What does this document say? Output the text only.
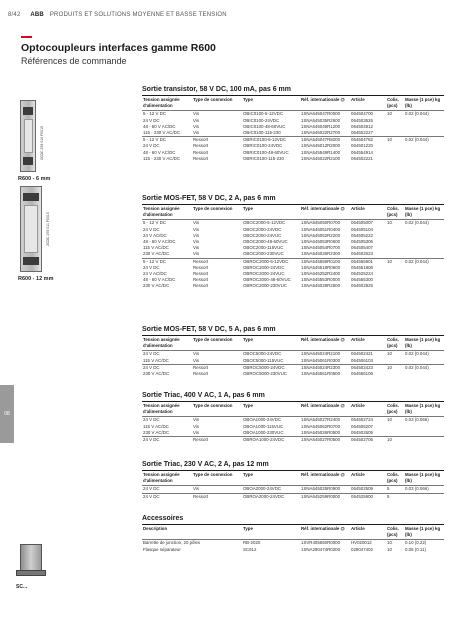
8/42 ABB PRODUITS ET SOLUTIONS MOYENNE ET BASSE TENSION
Optocoupleurs interfaces gamme R600
Références de commande
08
2CDC 293 010 F0015
R600 - 6 mm
2CDC 293 011 F0015
R600 - 12 mm
SC...
Sortie transistor, 58 V DC, 100 mA, pas 6 mm
Tension assignée d'alimentation	Type de connexion	Type	Réf. internationale @	Article	Colis. (pcs)	Masse (1 pce) kg (lb)
5 - 12 V DC	Vis	OBIC0100-5-12VDC	1SNA645047R0000	064504700	10	0.02 (0.044)
24 V DC	Vis	OBIC0100-24VDC	1SNA645035R2600	064503526		
48 - 60 V AC/DC	Vis	OBIC0100-48-60VUC	1SNA645049R1200	064504912		
115 - 230 V AC/DC	Vis	OBIC0100-115-230	1SNA645022R2700	064502227		
5 - 12 V DC	Ressort	OBRIC0100-5-12VDC	1SNA645047R8200	064504782	10	0.02 (0.044)
24 V DC	Ressort	OBRIC0100-24VDC	1SNA645012R2000	064501220		
48 - 60 V AC/DC	Ressort	OBRIC0100-48-60VUC	1SNA645549R1400	064554914		
115 - 230 V AC/DC	Ressort	OBRIC0100-115-230	1SNA645022R2100	064502221		
Sortie MOS-FET, 58 V DC, 2 A, pas 6 mm
Tension assignée d'alimentation	Type de connexion	Type	Réf. internationale @	Article	Colis. (pcs)	Masse (1 pce) kg (lb)
5 - 12 V DC	Vis	OBOC2000-5-12VDC	1SNA645050R0700	064505007	10	0.02 (0.044)
24 V DC	Vis	OBOC2000-24VDC	1SNA645051R0400	064505104		
24 V AC/DC	Vis	OBOC2000-24VUC	1SNA645052R2200	064505222		
48 - 60 V AC/DC	Vis	OBOC2000-48-60VUC	1SNA645053R0600	064505306		
115 V AC/DC	Vis	OBOC2000-115VUC	1SNA645054R0700	064505407		
230 V AC/DC	Vis	OBOC2000-230VUC	1SNA645026R2300	064502623		
5 - 12 V DC	Ressort	OBROC2000-5-12VDC	1SNA645559R0100	064555901	10	0.02 (0.044)
24 V DC	Ressort	OBROC2000-24VDC	1SNA645518R0600	064551806		
24 V AC/DC	Ressort	OBROC2000-24VUC	1SNA645252R2400	064525224		
48 - 60 V AC/DC	Ressort	OBROC2000-48-60VUC	1SNA645553R0000	064555300		
230 V AC/DC	Ressort	OBROC2000-230VUC	1SNA645028R2500	064502825		
Sortie MOS-FET, 58 V DC, 5 A, pas 6 mm
Tension assignée d'alimentation	Type de connexion	Type	Réf. internationale @	Article	Colis. (pcs)	Masse (1 pce) kg (lb)
24 V DC	Vis	OBOC5000-24VDC	1SNA645024R2100	064502421	10	0.02 (0.044)
115 V AC/DC	Vis	OBOC5000-115VUC	1SNA645061R0300	064506103		
24 V DC	Ressort	OBROC5000-24VDC	1SNA645024R2300	064502423	10	0.02 (0.044)
230 V AC/DC	Ressort	OBROC5000-230VUC	1SNA645561R0600	064556106		
Sortie Triac, 400 V AC, 1 A, pas 6 mm
Tension assignée d'alimentation	Type de connexion	Type	Réf. internationale @	Article	Colis. (pcs)	Masse (1 pce) kg (lb)
24 V DC	Vis	OBOA1000-24VDC	1SNA645027R2400	064502724	10	0.03 (0.066)
115 V AC/DC	Vis	OBOA1000-115VUC	1SNA645062R0700	064506207		
230 V AC/DC	Vis	OBOA1000-230VUC	1SNA645026R0500	064502605		
24 V DC	Ressort	OBROA1000-24VDC	1SNA645027R0500	064502705	10	
Sortie Triac, 230 V AC, 2 A, pas 12 mm
Tension assignée d'alimentation	Type de connexion	Type	Réf. internationale @	Article	Colis. (pcs)	Masse (1 pce) kg (lb)
24 V DC	Vis	OBOA2000-24VDC	1SNA645025R0900	064502509	5	0.03 (0.066)
24 V DC	Ressort	OBROA2000-24VDC	1SNA645259R0000	064525900	5	
Accessoires
Description	Type	Réf. internationale @	Article	Colis. (pcs)	Masse (1 pce) kg (lb)
Barrette de jonction, 20 pôles	RB-2020	1SVR405650R0000	HV020012	10	0.10 (0.22)
Flasque séparateur	SC612	1SNA290474R0200	029047402	10	0.05 (0.11)
